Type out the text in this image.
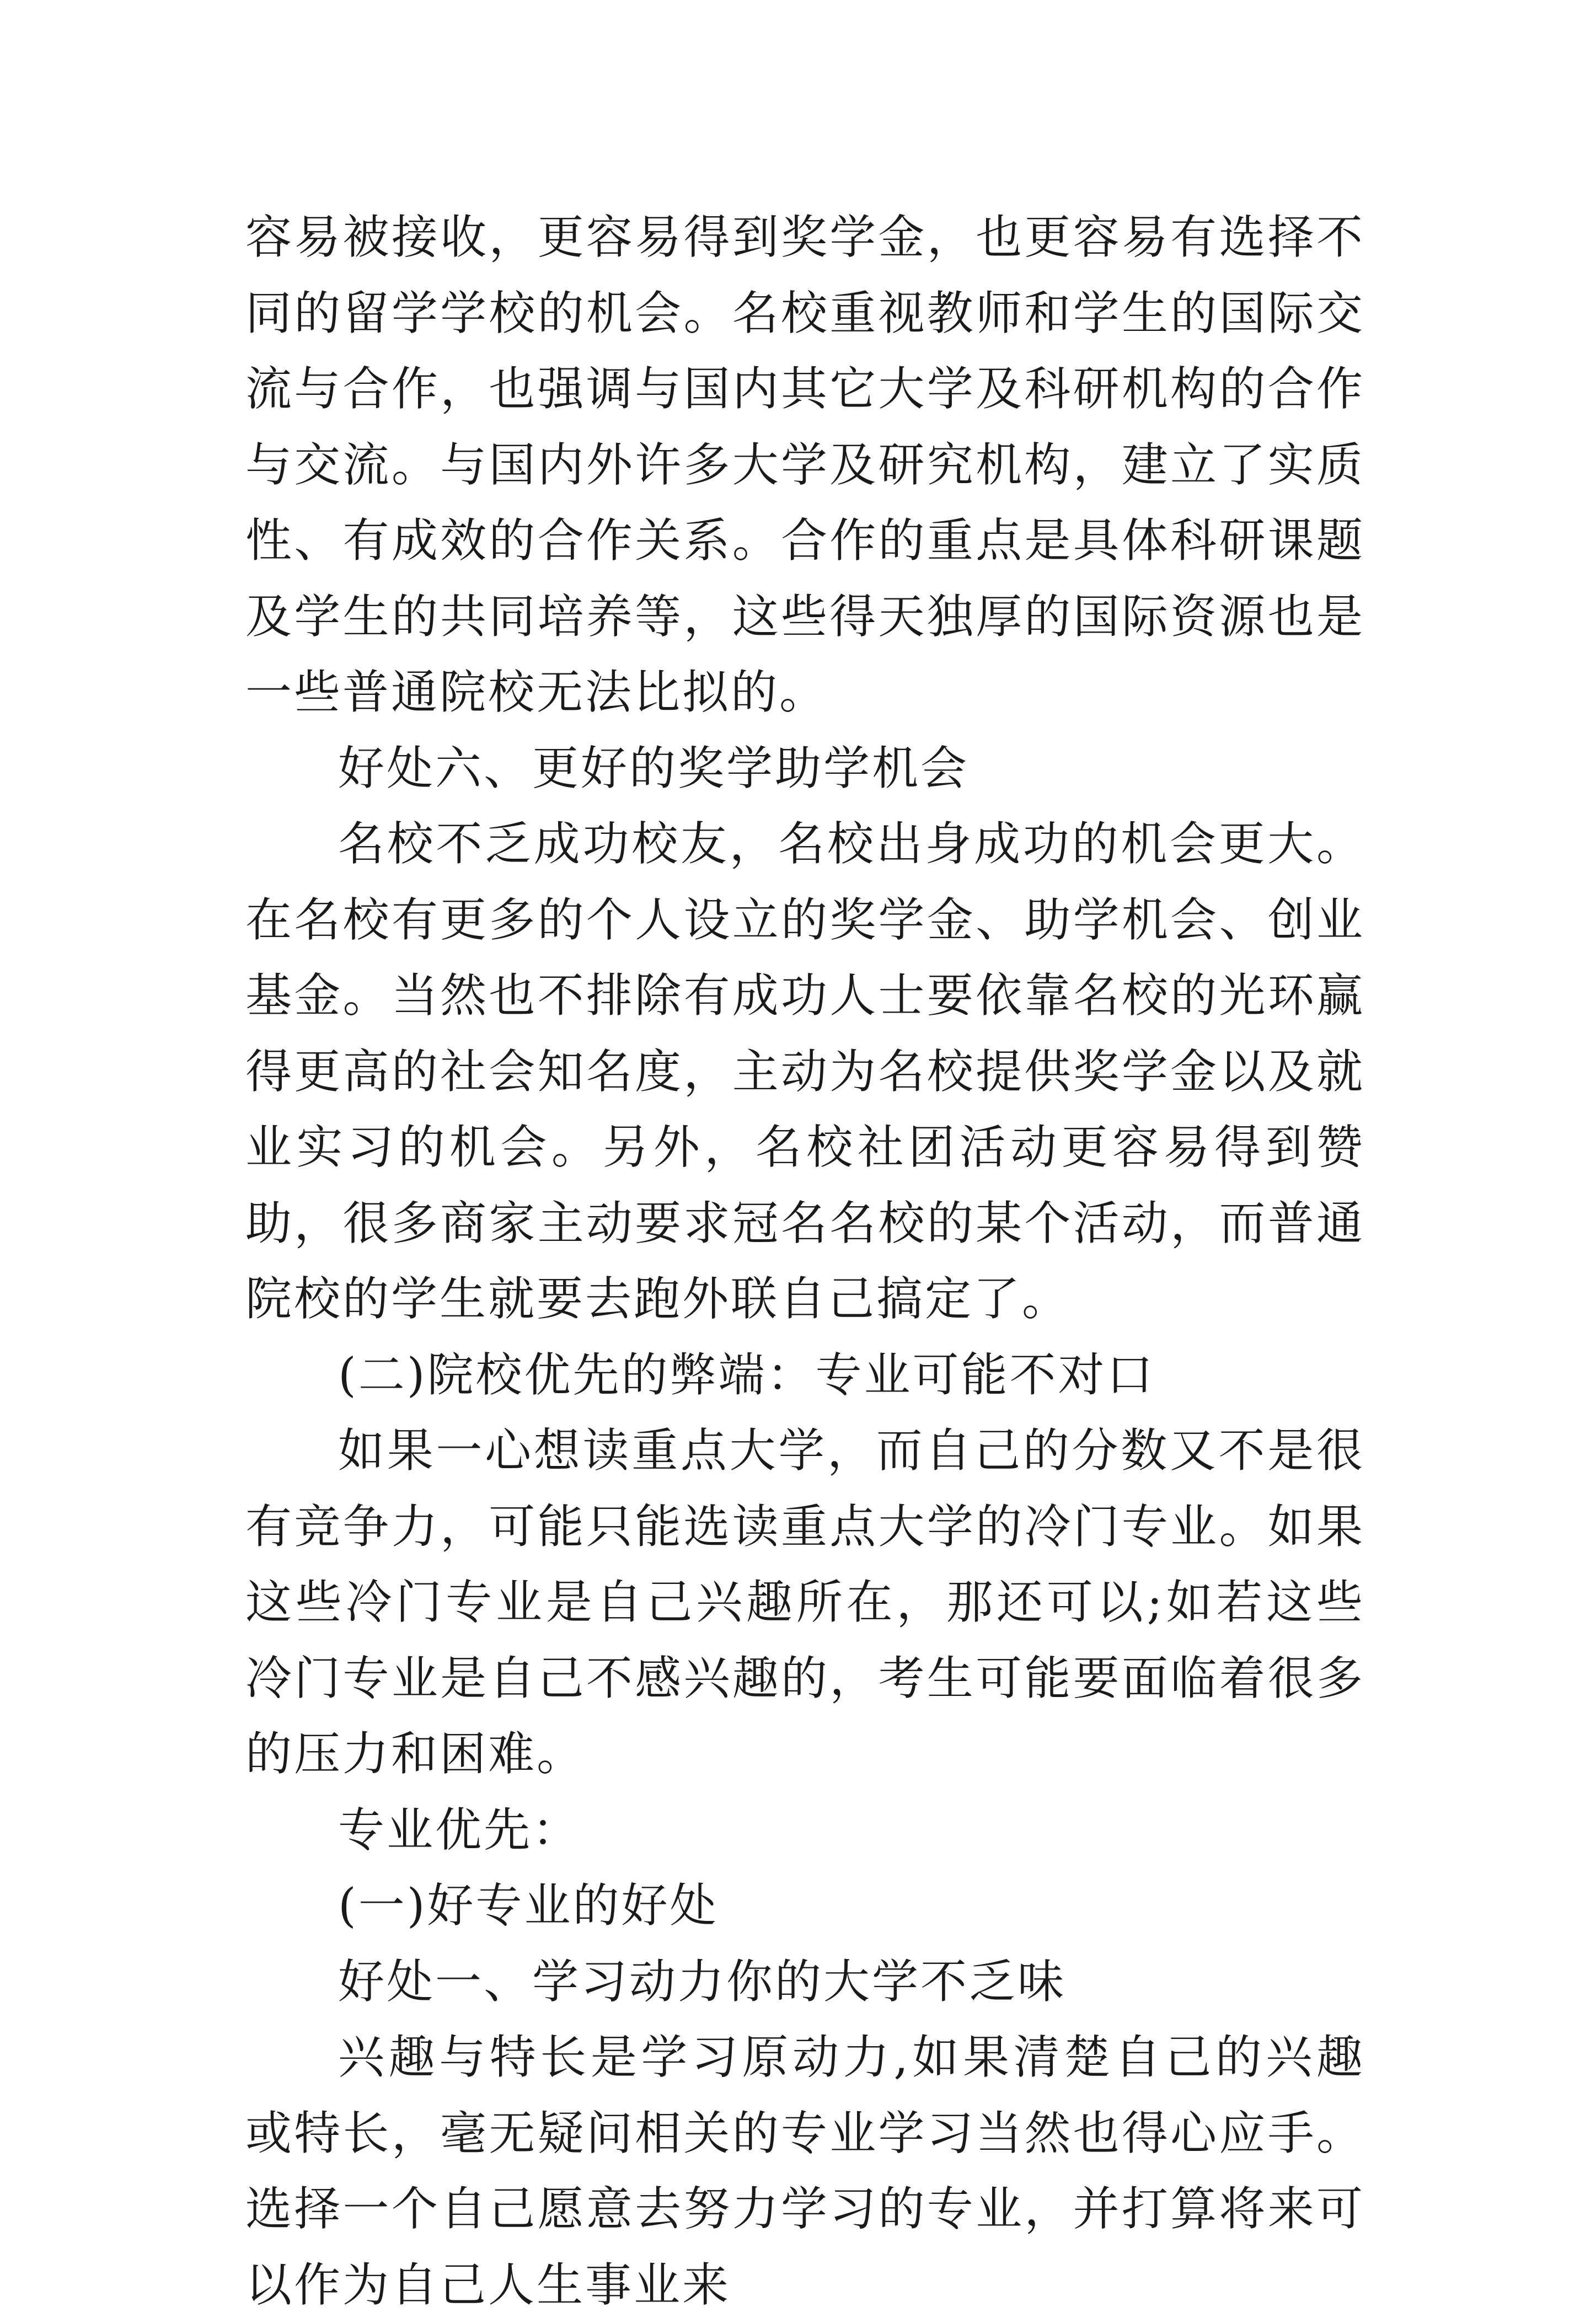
容易被接收，更容易得到奖学金，也更容易有选择不同的留学学校的机会。名校重视教师和学生的国际交流与合作，也强调与国内其它大学及科研机构的合作与交流。与国内外许多大学及研究机构，建立了实质性、有成效的合作关系。合作的重点是具体科研课题及学生的共同培养等，这些得天独厚的国际资源也是一些普通院校无法比拟的。

好处六、更好的奖学助学机会

名校不乏成功校友，名校出身成功的机会更大。在名校有更多的个人设立的奖学金、助学机会、创业基金。当然也不排除有成功人士要依靠名校的光环赢得更高的社会知名度，主动为名校提供奖学金以及就业实习的机会。另外，名校社团活动更容易得到赞助，很多商家主动要求冠名名校的某个活动，而普通院校的学生就要去跑外联自己搞定了。

(二)院校优先的弊端：专业可能不对口

如果一心想读重点大学，而自己的分数又不是很有竞争力，可能只能选读重点大学的冷门专业。如果这些冷门专业是自己兴趣所在，那还可以;如若这些冷门专业是自己不感兴趣的，考生可能要面临着很多的压力和困难。

专业优先：

(一)好专业的好处

好处一、学习动力你的大学不乏味

兴趣与特长是学习原动力,如果清楚自己的兴趣或特长，毫无疑问相关的专业学习当然也得心应手。选择一个自己愿意去努力学习的专业，并打算将来可以作为自己人生事业来
